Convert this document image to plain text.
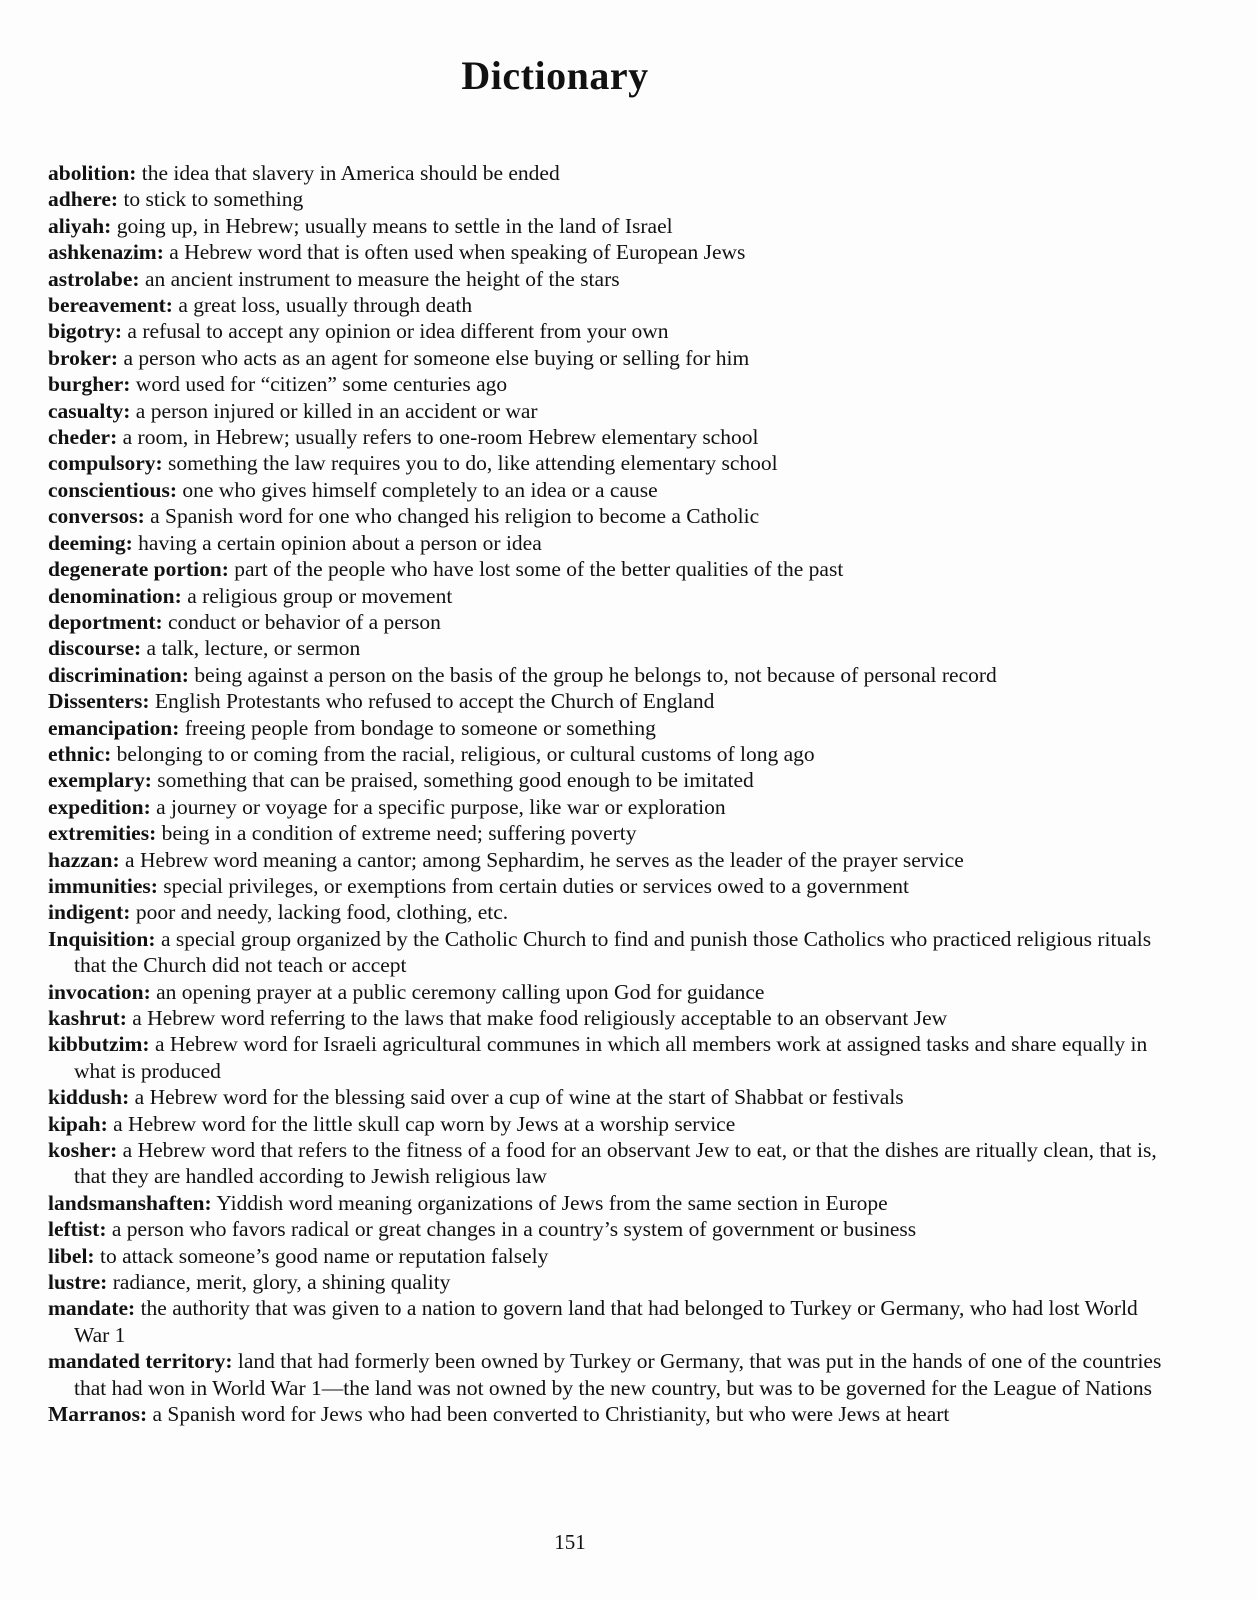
Dictionary
abolition: the idea that slavery in America should be ended
adhere: to stick to something
aliyah: going up, in Hebrew; usually means to settle in the land of Israel
ashkenazim: a Hebrew word that is often used when speaking of European Jews
astrolabe: an ancient instrument to measure the height of the stars
bereavement: a great loss, usually through death
bigotry: a refusal to accept any opinion or idea different from your own
broker: a person who acts as an agent for someone else buying or selling for him
burgher: word used for “citizen” some centuries ago
casualty: a person injured or killed in an accident or war
cheder: a room, in Hebrew; usually refers to one-room Hebrew elementary school
compulsory: something the law requires you to do, like attending elementary school
conscientious: one who gives himself completely to an idea or a cause
conversos: a Spanish word for one who changed his religion to become a Catholic
deeming: having a certain opinion about a person or idea
degenerate portion: part of the people who have lost some of the better qualities of the past
denomination: a religious group or movement
deportment: conduct or behavior of a person
discourse: a talk, lecture, or sermon
discrimination: being against a person on the basis of the group he belongs to, not because of personal record
Dissenters: English Protestants who refused to accept the Church of England
emancipation: freeing people from bondage to someone or something
ethnic: belonging to or coming from the racial, religious, or cultural customs of long ago
exemplary: something that can be praised, something good enough to be imitated
expedition: a journey or voyage for a specific purpose, like war or exploration
extremities: being in a condition of extreme need; suffering poverty
hazzan: a Hebrew word meaning a cantor; among Sephardim, he serves as the leader of the prayer service
immunities: special privileges, or exemptions from certain duties or services owed to a government
indigent: poor and needy, lacking food, clothing, etc.
Inquisition: a special group organized by the Catholic Church to find and punish those Catholics who practiced religious rituals that the Church did not teach or accept
invocation: an opening prayer at a public ceremony calling upon God for guidance
kashrut: a Hebrew word referring to the laws that make food religiously acceptable to an observant Jew
kibbutzim: a Hebrew word for Israeli agricultural communes in which all members work at assigned tasks and share equally in what is produced
kiddush: a Hebrew word for the blessing said over a cup of wine at the start of Shabbat or festivals
kipah: a Hebrew word for the little skull cap worn by Jews at a worship service
kosher: a Hebrew word that refers to the fitness of a food for an observant Jew to eat, or that the dishes are ritually clean, that is, that they are handled according to Jewish religious law
landsmanshaften: Yiddish word meaning organizations of Jews from the same section in Europe
leftist: a person who favors radical or great changes in a country’s system of government or business
libel: to attack someone’s good name or reputation falsely
lustre: radiance, merit, glory, a shining quality
mandate: the authority that was given to a nation to govern land that had belonged to Turkey or Germany, who had lost World War 1
mandated territory: land that had formerly been owned by Turkey or Germany, that was put in the hands of one of the countries that had won in World War 1—the land was not owned by the new country, but was to be governed for the League of Nations
Marranos: a Spanish word for Jews who had been converted to Christianity, but who were Jews at heart
151
